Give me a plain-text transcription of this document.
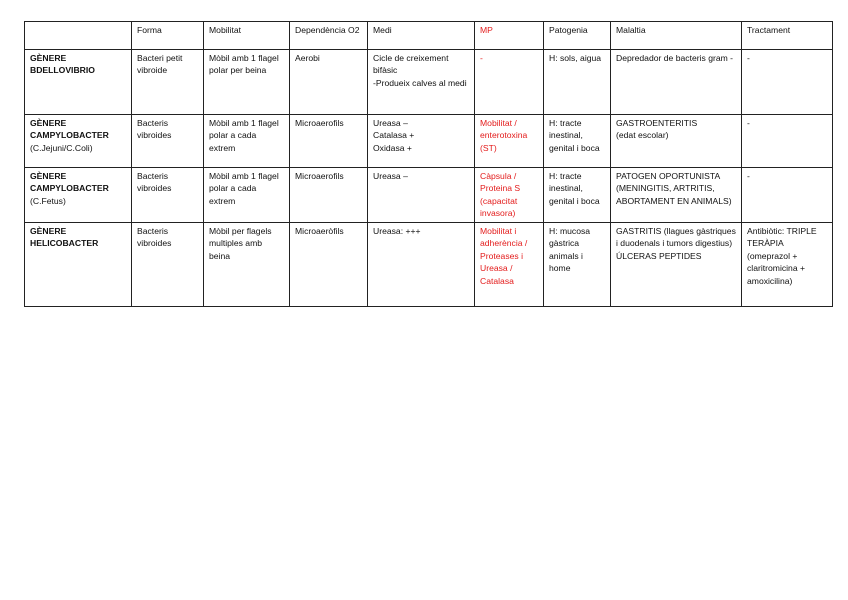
	Forma	Mobilitat	Dependència O2	Medi	MP	Patogenia	Malaltia	Tractament

GÈNERE
BDELLOVIBRIO	Bacteri petit vibroide	Mòbil amb 1 flagel polar per beina	Aerobi	Cicle de creixement bifàsic
-Produeix calves al medi	-	H: sols, aigua	Depredador de bacteris gram -	-

GÈNERE
CAMPYLOBACTER
(C.Jejuni/C.Coli)	Bacteris vibroides	Mòbil amb 1 flagel polar a cada extrem	Microaerofils	Ureasa –
Catalasa +
Oxidasa +	Mobilitat / enterotoxina (ST)	H: tracte inestinal, genital i boca	GASTROENTERITIS
(edat escolar)	-

GÈNERE
CAMPYLOBACTER
(C.Fetus)	Bacteris vibroides	Mòbil amb 1 flagel polar a cada extrem	Microaerofils	Ureasa –	Càpsula / Proteina S (capacitat invasora)	H: tracte inestinal, genital i boca	PATOGEN OPORTUNISTA (MENINGITIS, ARTRITIS, ABORTAMENT EN ANIMALS)	-

GÈNERE
HELICOBACTER	Bacteris vibroides	Mòbil per flagels multiples amb beina	Microaeròfils	Ureasa: +++	Mobilitat i adherència / Proteases i Ureasa / Catalasa	H: mucosa gàstrica animals i home	GASTRITIS (llagues gàstriques i duodenals i tumors digestius)
ÚLCERAS PEPTIDES	Antibiòtic: TRIPLE TERÀPIA (omeprazol + claritromicina + amoxicilina)
